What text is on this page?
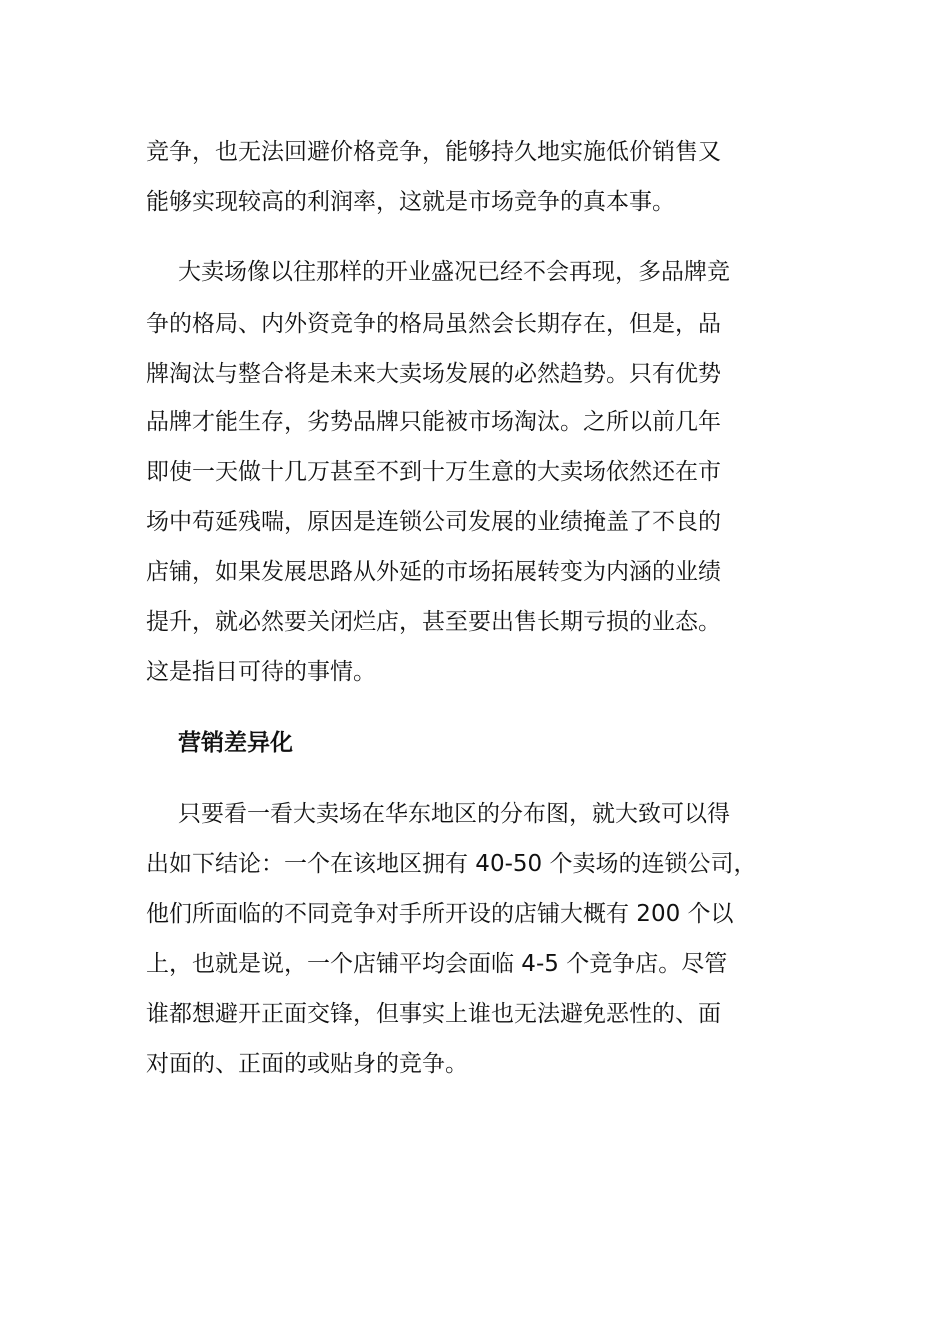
竞争，也无法回避价格竞争，能够持久地实施低价销售又
能够实现较高的利润率，这就是市场竞争的真本事。
大卖场像以往那样的开业盛况已经不会再现，多品牌竞
争的格局、内外资竞争的格局虽然会长期存在，但是，品
牌淘汰与整合将是未来大卖场发展的必然趋势。只有优势
品牌才能生存，劣势品牌只能被市场淘汰。之所以前几年
即使一天做十几万甚至不到十万生意的大卖场依然还在市
场中苟延残喘，原因是连锁公司发展的业绩掩盖了不良的
店铺，如果发展思路从外延的市场拓展转变为内涵的业绩
提升，就必然要关闭烂店，甚至要出售长期亏损的业态。
这是指日可待的事情。
营销差异化
只要看一看大卖场在华东地区的分布图，就大致可以得
出如下结论：一个在该地区拥有 40-50 个卖场的连锁公司，
他们所面临的不同竞争对手所开设的店铺大概有 200 个以
上，也就是说，一个店铺平均会面临 4-5 个竞争店。尽管
谁都想避开正面交锋，但事实上谁也无法避免恶性的、面
对面的、正面的或贴身的竞争。
